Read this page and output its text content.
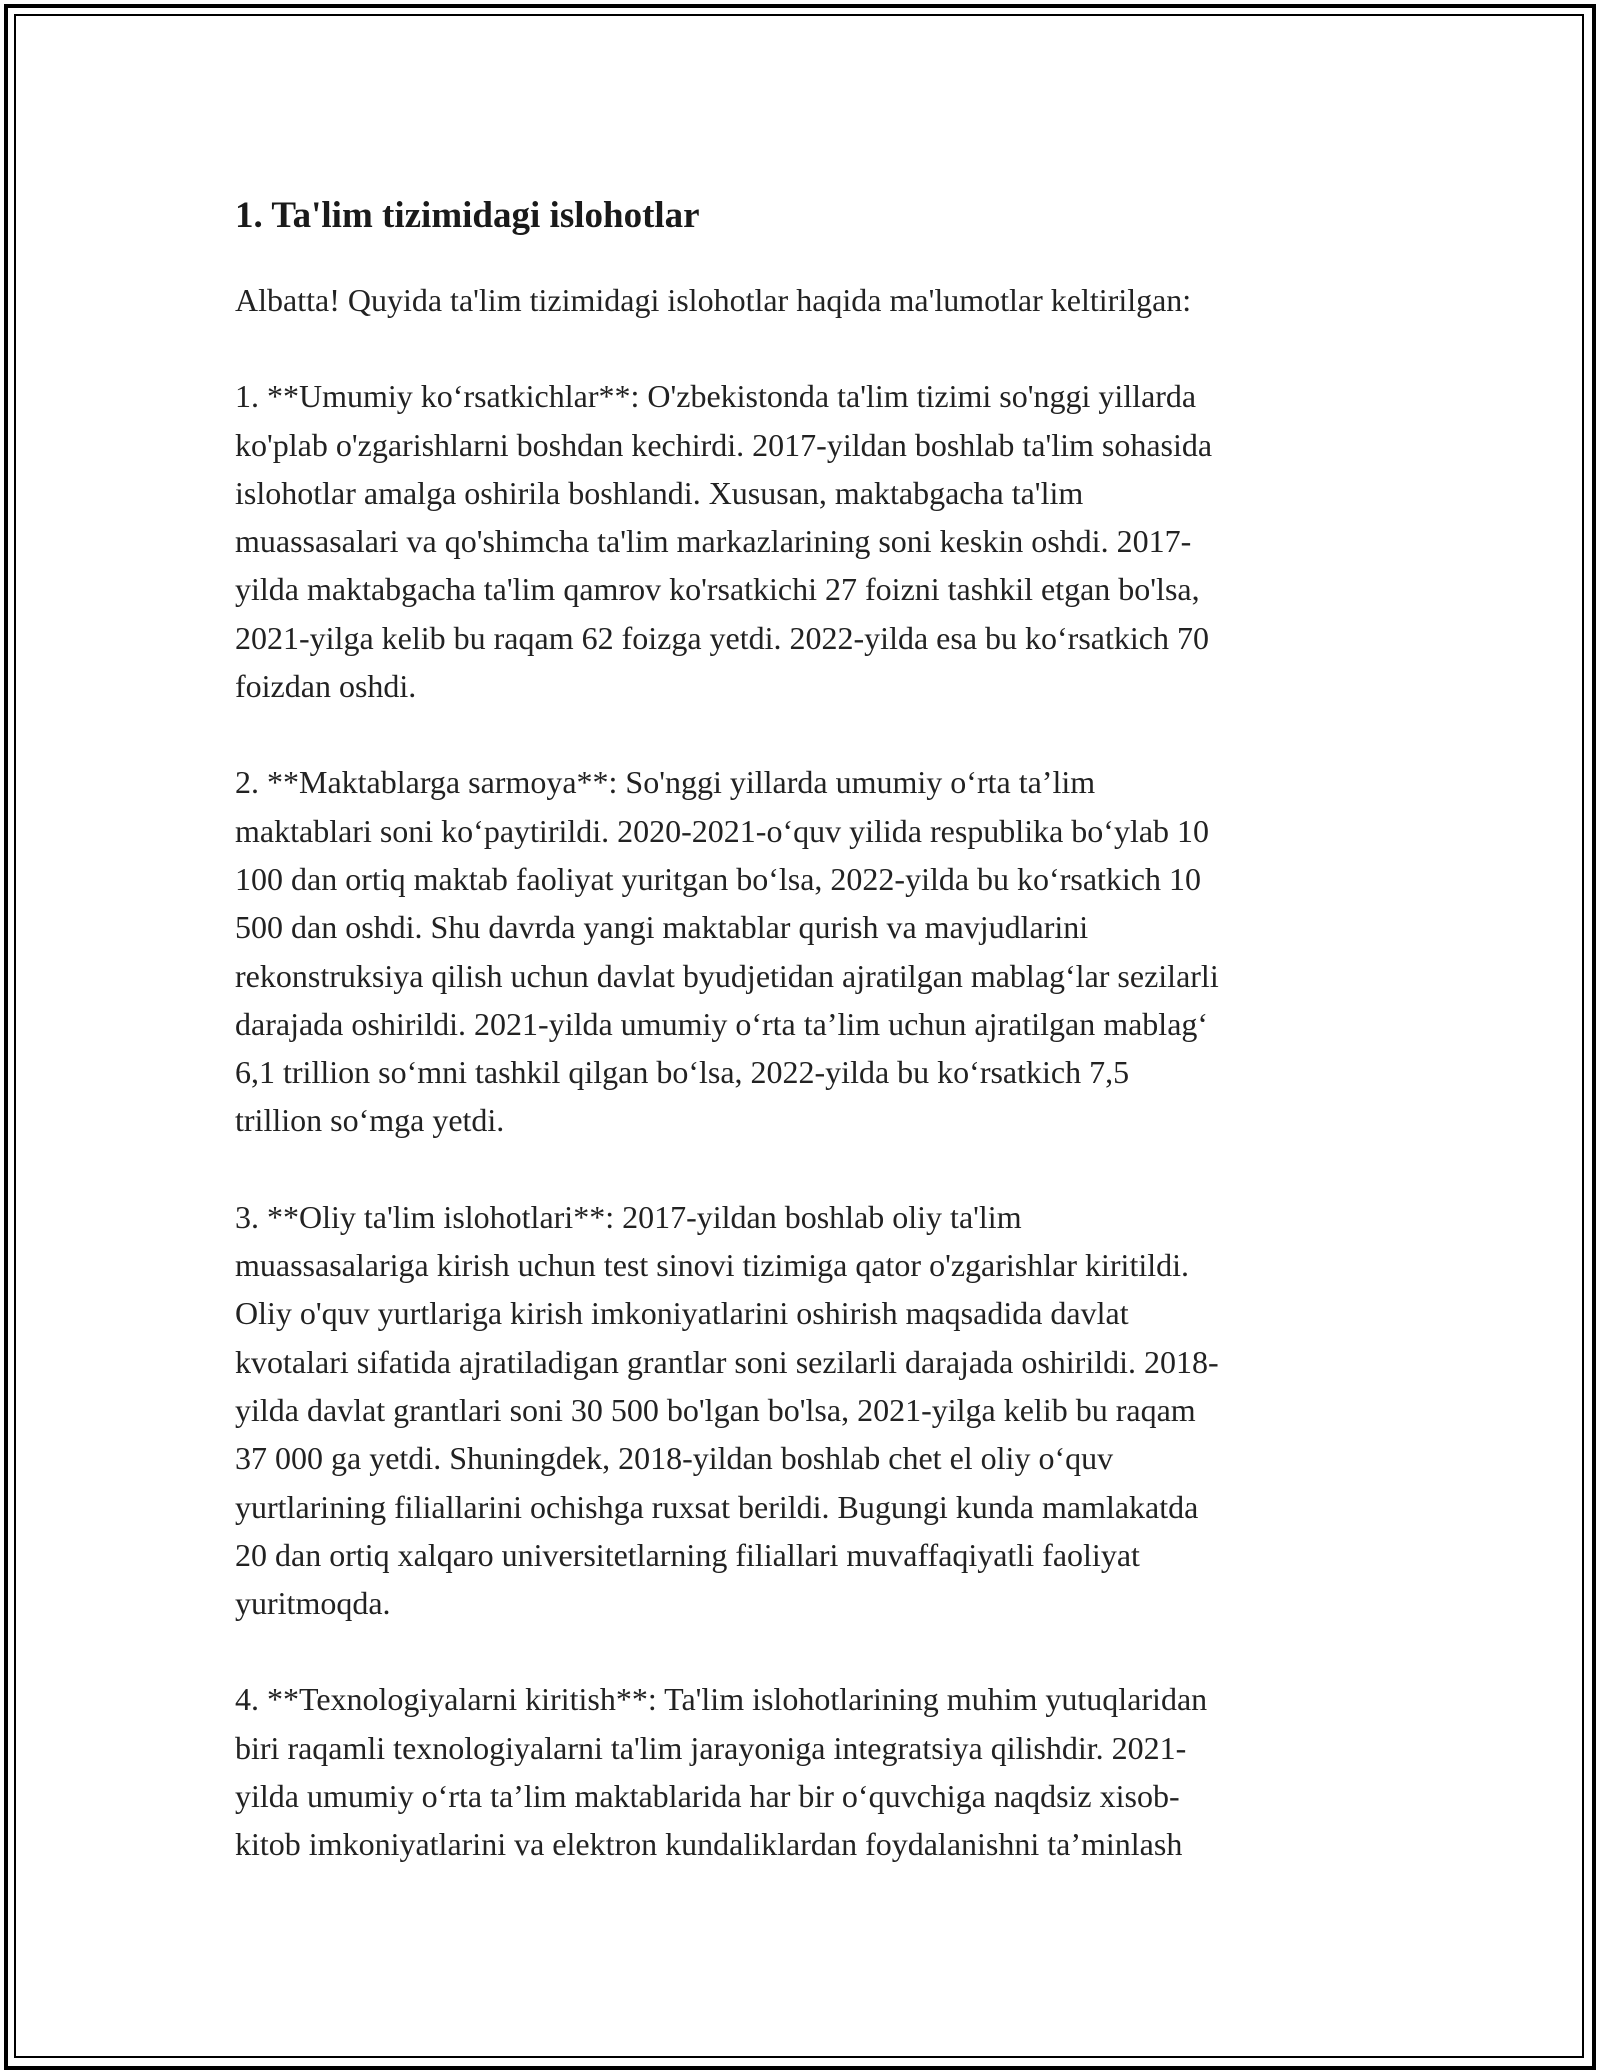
1. Ta'lim tizimidagi islohotlar

Albatta! Quyida ta'lim tizimidagi islohotlar haqida ma'lumotlar keltirilgan:

1. **Umumiy koʻrsatkichlar**: O'zbekistonda ta'lim tizimi so'nggi yillarda
ko'plab o'zgarishlarni boshdan kechirdi. 2017-yildan boshlab ta'lim sohasida
islohotlar amalga oshirila boshlandi. Xususan, maktabgacha ta'lim
muassasalari va qo'shimcha ta'lim markazlarining soni keskin oshdi. 2017-
yilda maktabgacha ta'lim qamrov ko'rsatkichi 27 foizni tashkil etgan bo'lsa,
2021-yilga kelib bu raqam 62 foizga yetdi. 2022-yilda esa bu koʻrsatkich 70
foizdan oshdi.

2. **Maktablarga sarmoya**: So'nggi yillarda umumiy oʻrta ta’lim
maktablari soni koʻpaytirildi. 2020-2021-oʻquv yilida respublika boʻylab 10
100 dan ortiq maktab faoliyat yuritgan boʻlsa, 2022-yilda bu koʻrsatkich 10
500 dan oshdi. Shu davrda yangi maktablar qurish va mavjudlarini
rekonstruksiya qilish uchun davlat byudjetidan ajratilgan mablagʻlar sezilarli
darajada oshirildi. 2021-yilda umumiy oʻrta ta’lim uchun ajratilgan mablagʻ
6,1 trillion soʻmni tashkil qilgan boʻlsa, 2022-yilda bu koʻrsatkich 7,5
trillion soʻmga yetdi.

3. **Oliy ta'lim islohotlari**: 2017-yildan boshlab oliy ta'lim
muassasalariga kirish uchun test sinovi tizimiga qator o'zgarishlar kiritildi.
Oliy o'quv yurtlariga kirish imkoniyatlarini oshirish maqsadida davlat
kvotalari sifatida ajratiladigan grantlar soni sezilarli darajada oshirildi. 2018-
yilda davlat grantlari soni 30 500 bo'lgan bo'lsa, 2021-yilga kelib bu raqam
37 000 ga yetdi. Shuningdek, 2018-yildan boshlab chet el oliy oʻquv
yurtlarining filiallarini ochishga ruxsat berildi. Bugungi kunda mamlakatda
20 dan ortiq xalqaro universitetlarning filiallari muvaffaqiyatli faoliyat
yuritmoqda.

4. **Texnologiyalarni kiritish**: Ta'lim islohotlarining muhim yutuqlaridan
biri raqamli texnologiyalarni ta'lim jarayoniga integratsiya qilishdir. 2021-
yilda umumiy oʻrta ta’lim maktablarida har bir oʻquvchiga naqdsiz xisob-
kitob imkoniyatlarini va elektron kundaliklardan foydalanishni ta’minlash
